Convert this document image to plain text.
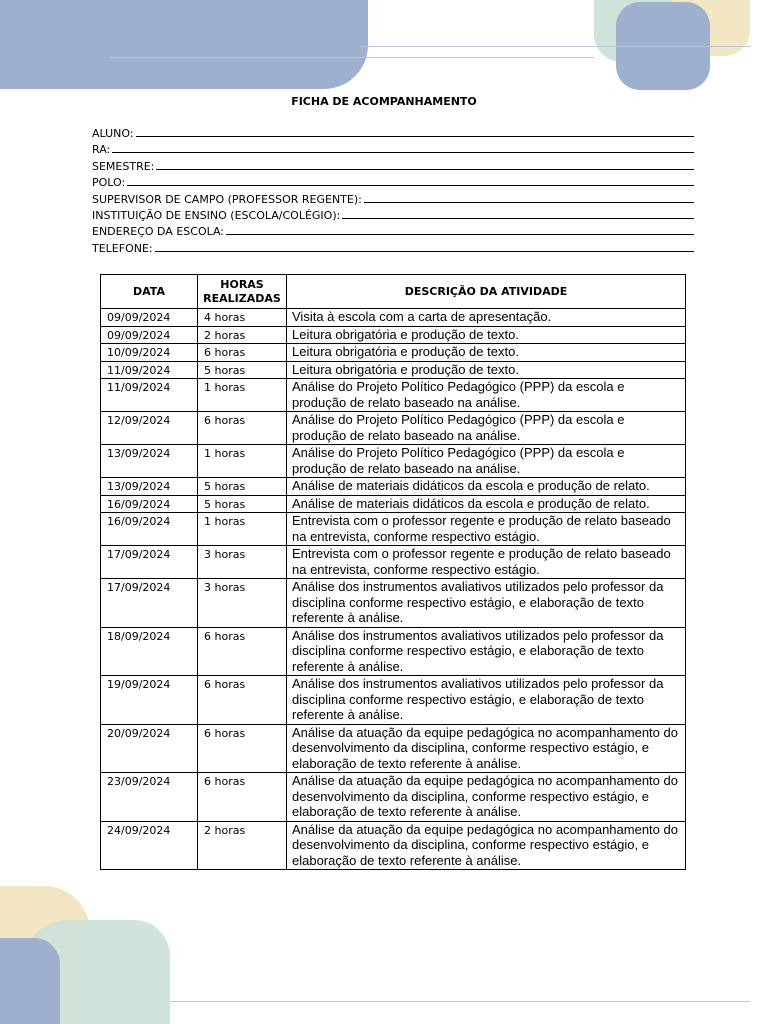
FICHA DE ACOMPANHAMENTO
ALUNO:
RA:
SEMESTRE:
POLO:
SUPERVISOR DE CAMPO (PROFESSOR REGENTE):
INSTITUIÇÃO DE ENSINO (ESCOLA/COLÉGIO):
ENDEREÇO DA ESCOLA:
TELEFONE:
DATA	HORAS REALIZADAS	DESCRIÇÃO DA ATIVIDADE
09/09/2024	4 horas	Visita à escola com a carta de apresentação.
09/09/2024	2 horas	Leitura obrigatória e produção de texto.
10/09/2024	6 horas	Leitura obrigatória e produção de texto.
11/09/2024	5 horas	Leitura obrigatória e produção de texto.
11/09/2024	1 horas	Análise do Projeto Político Pedagógico (PPP) da escola e produção de relato baseado na análise.
12/09/2024	6 horas	Análise do Projeto Político Pedagógico (PPP) da escola e produção de relato baseado na análise.
13/09/2024	1 horas	Análise do Projeto Político Pedagógico (PPP) da escola e produção de relato baseado na análise.
13/09/2024	5 horas	Análise de materiais didáticos da escola e produção de relato.
16/09/2024	5 horas	Análise de materiais didáticos da escola e produção de relato.
16/09/2024	1 horas	Entrevista com o professor regente e produção de relato baseado na entrevista, conforme respectivo estágio.
17/09/2024	3 horas	Entrevista com o professor regente e produção de relato baseado na entrevista, conforme respectivo estágio.
17/09/2024	3 horas	Análise dos instrumentos avaliativos utilizados pelo professor da disciplina conforme respectivo estágio, e elaboração de texto referente à análise.
18/09/2024	6 horas	Análise dos instrumentos avaliativos utilizados pelo professor da disciplina conforme respectivo estágio, e elaboração de texto referente à análise.
19/09/2024	6 horas	Análise dos instrumentos avaliativos utilizados pelo professor da disciplina conforme respectivo estágio, e elaboração de texto referente à análise.
20/09/2024	6 horas	Análise da atuação da equipe pedagógica no acompanhamento do desenvolvimento da disciplina, conforme respectivo estágio, e elaboração de texto referente à análise.
23/09/2024	6 horas	Análise da atuação da equipe pedagógica no acompanhamento do desenvolvimento da disciplina, conforme respectivo estágio, e elaboração de texto referente à análise.
24/09/2024	2 horas	Análise da atuação da equipe pedagógica no acompanhamento do desenvolvimento da disciplina, conforme respectivo estágio, e elaboração de texto referente à análise.
